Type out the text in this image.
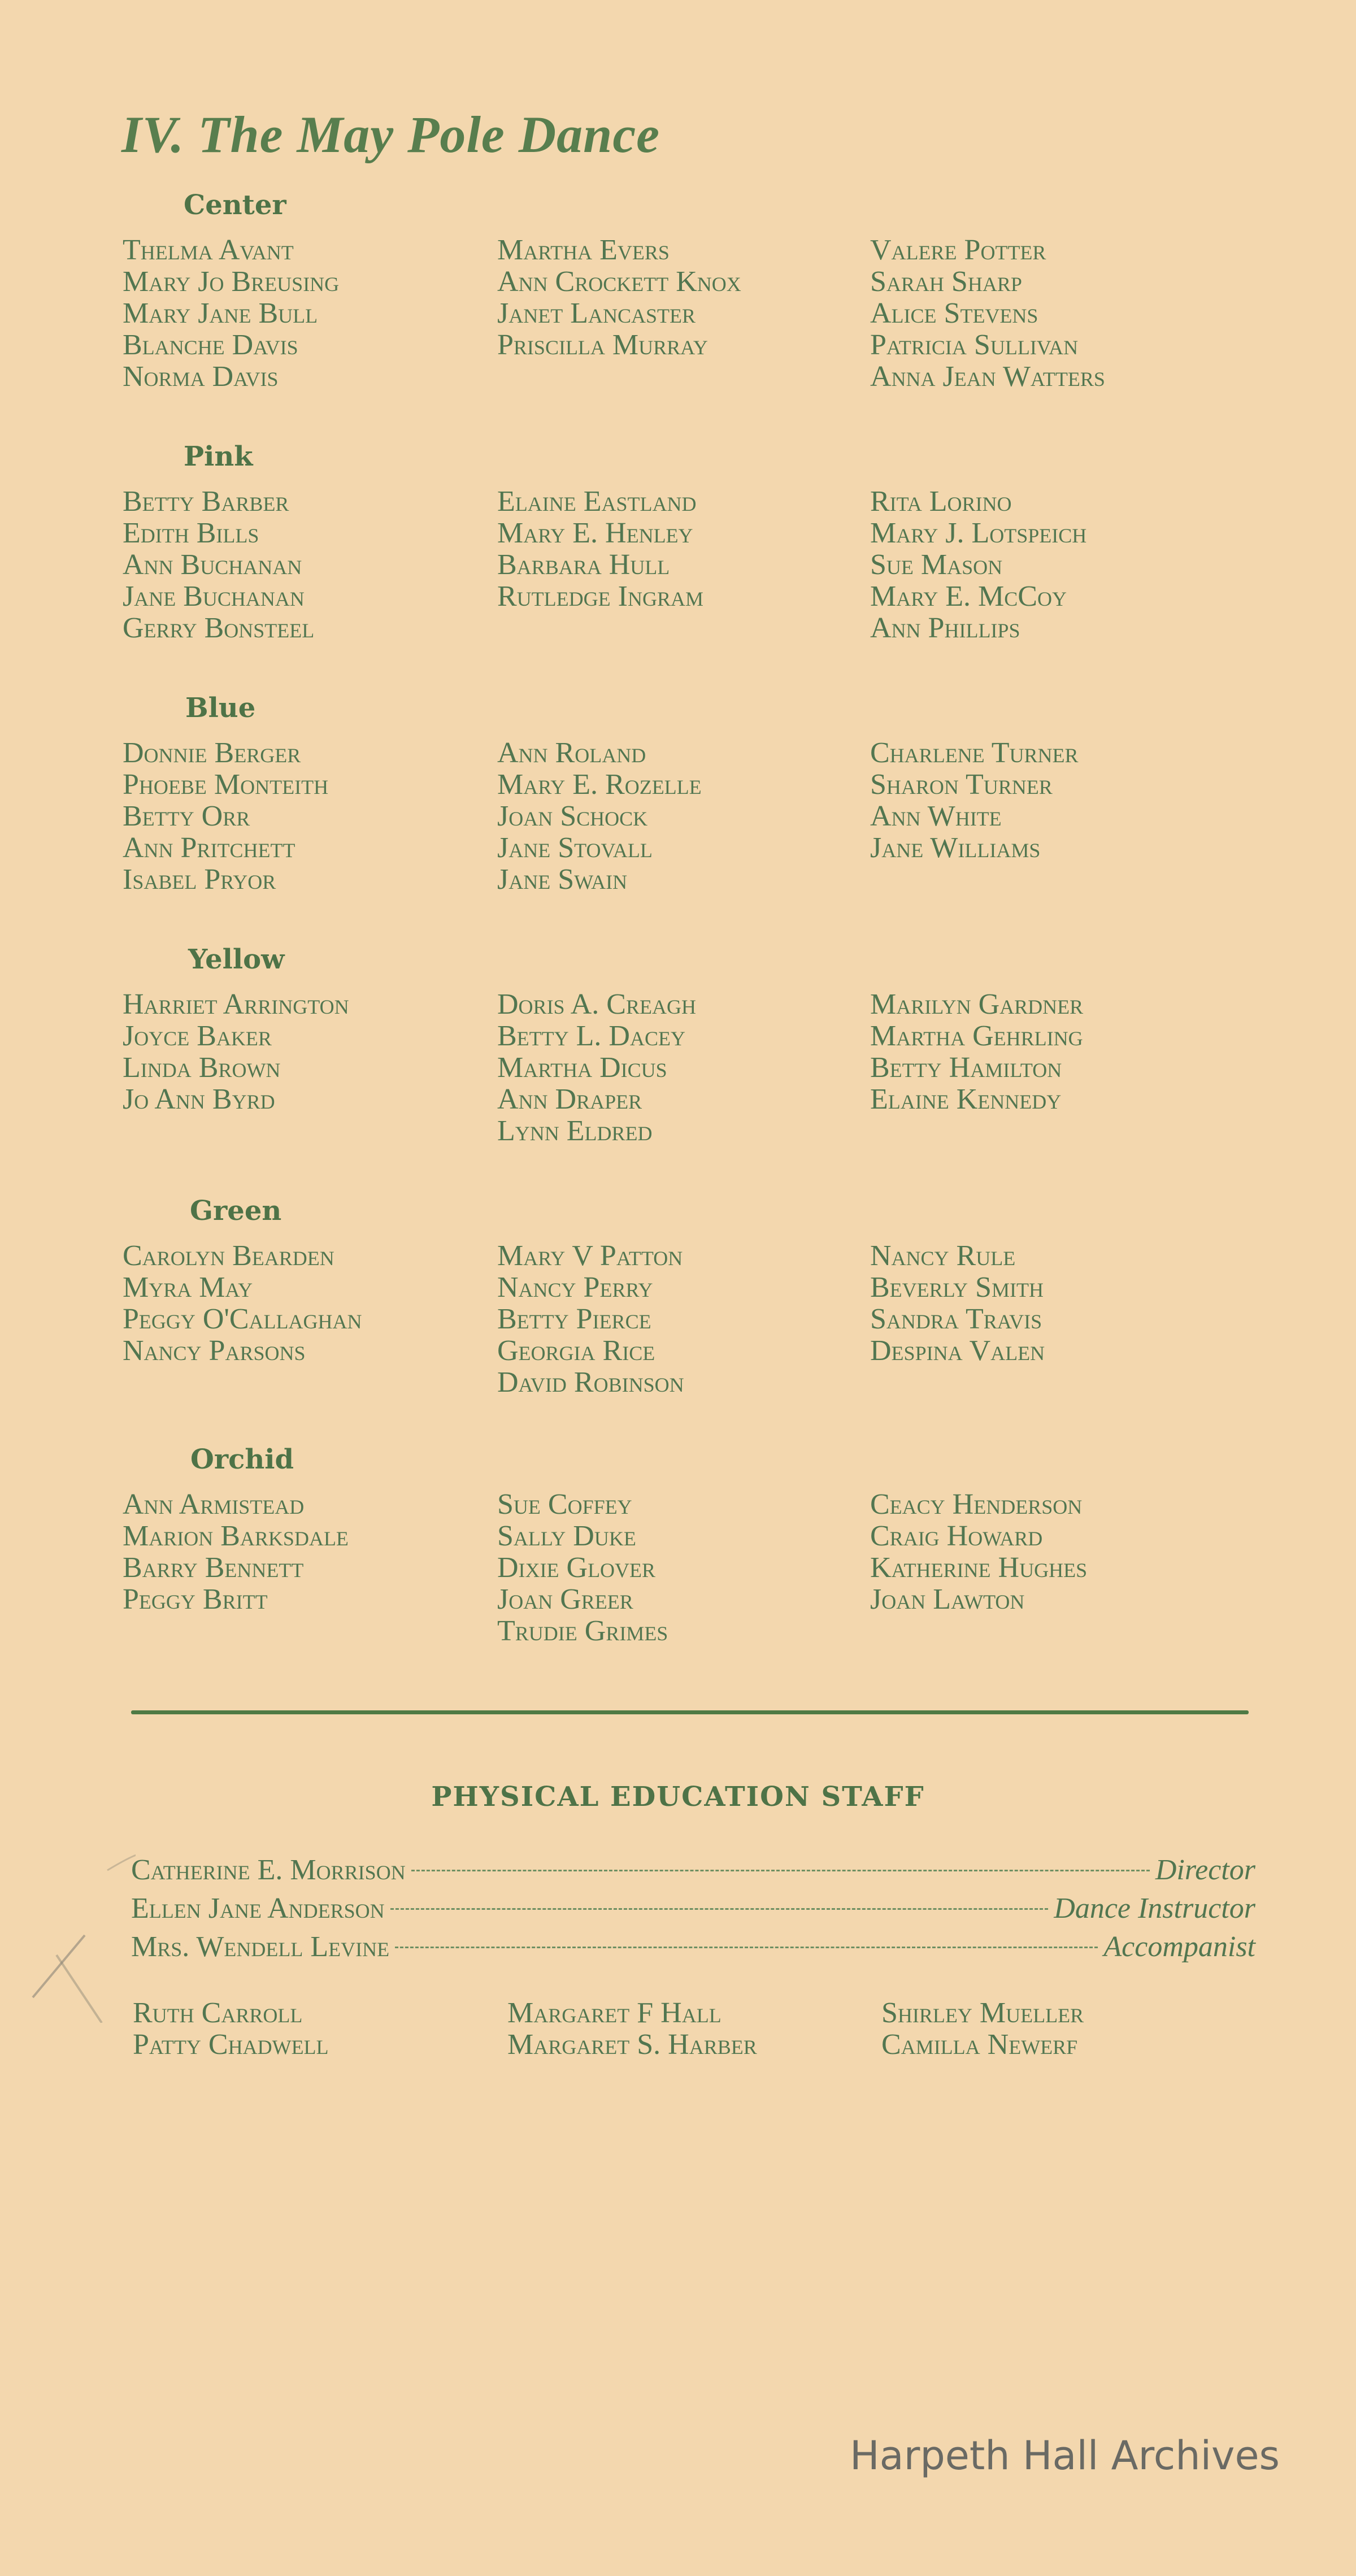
IV. The May Pole Dance
Center
Thelma Avant
Mary Jo Breusing
Mary Jane Bull
Blanche Davis
Norma Davis
Martha Evers
Ann Crockett Knox
Janet Lancaster
Priscilla Murray
Valere Potter
Sarah Sharp
Alice Stevens
Patricia Sullivan
Anna Jean Watters
Pink
Betty Barber
Edith Bills
Ann Buchanan
Jane Buchanan
Gerry Bonsteel
Elaine Eastland
Mary E. Henley
Barbara Hull
Rutledge Ingram
Rita Lorino
Mary J. Lotspeich
Sue Mason
Mary E. McCoy
Ann Phillips
Blue
Donnie Berger
Phoebe Monteith
Betty Orr
Ann Pritchett
Isabel Pryor
Ann Roland
Mary E. Rozelle
Joan Schock
Jane Stovall
Jane Swain
Charlene Turner
Sharon Turner
Ann White
Jane Williams
Yellow
Harriet Arrington
Joyce Baker
Linda Brown
Jo Ann Byrd
Doris A. Creagh
Betty L. Dacey
Martha Dicus
Ann Draper
Lynn Eldred
Marilyn Gardner
Martha Gehrling
Betty Hamilton
Elaine Kennedy
Green
Carolyn Bearden
Myra May
Peggy O'Callaghan
Nancy Parsons
Mary V Patton
Nancy Perry
Betty Pierce
Georgia Rice
David Robinson
Nancy Rule
Beverly Smith
Sandra Travis
Despina Valen
Orchid
Ann Armistead
Marion Barksdale
Barry Bennett
Peggy Britt
Sue Coffey
Sally Duke
Dixie Glover
Joan Greer
Trudie Grimes
Ceacy Henderson
Craig Howard
Katherine Hughes
Joan Lawton
PHYSICAL EDUCATION STAFF
Catherine E. Morrison	Director
Ellen Jane Anderson	Dance Instructor
Mrs. Wendell Levine	Accompanist
Ruth Carroll
Patty Chadwell
Margaret F Hall
Margaret S. Harber
Shirley Mueller
Camilla Newerf
Harpeth Hall Archives
